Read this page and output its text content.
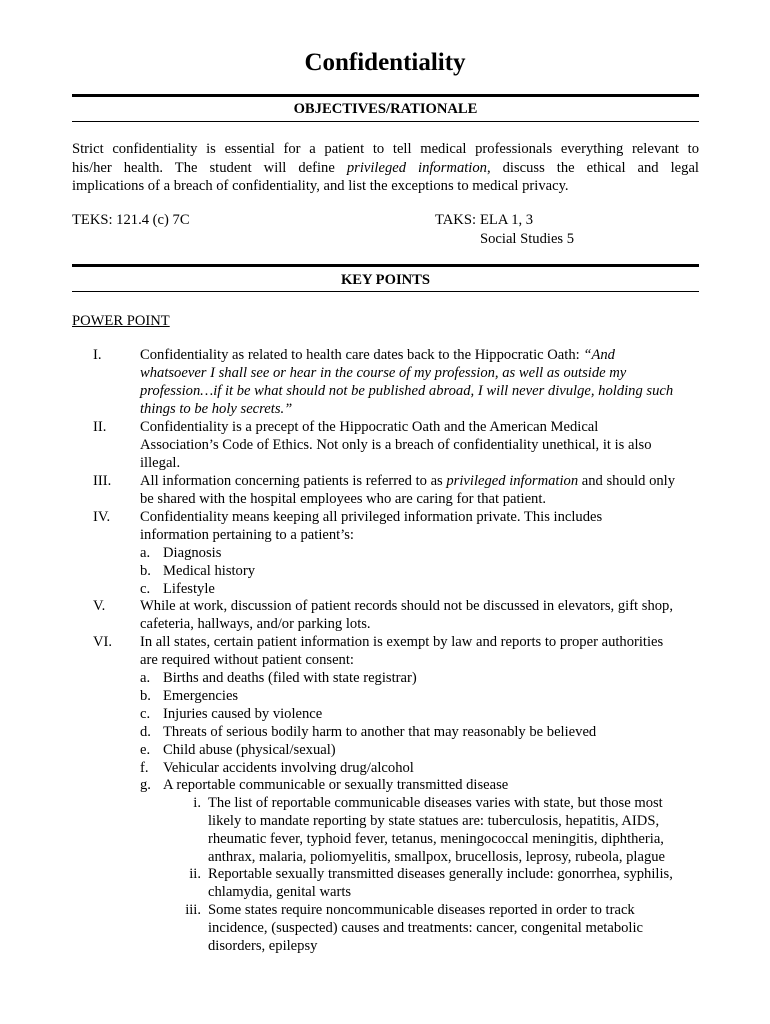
Confidentiality
OBJECTIVES/RATIONALE
Strict confidentiality is essential for a patient to tell medical professionals everything relevant to
his/her health. The student will define privileged information, discuss the ethical and legal
implications of a breach of confidentiality, and list the exceptions to medical privacy.
TEKS: 121.4 (c) 7C	TAKS: ELA 1, 3
Social Studies 5
KEY POINTS
POWER POINT
I.	Confidentiality as related to health care dates back to the Hippocratic Oath: “And
whatsoever I shall see or hear in the course of my profession, as well as outside my
profession…if it be what should not be published abroad, I will never divulge, holding such
things to be holy secrets.”
II. Confidentiality is a precept of the Hippocratic Oath and the American Medical
Association’s Code of Ethics. Not only is a breach of confidentiality unethical, it is also
illegal.
III. All information concerning patients is referred to as privileged information and should only
be shared with the hospital employees who are caring for that patient.
IV. Confidentiality means keeping all privileged information private. This includes
information pertaining to a patient’s:
a. Diagnosis
b. Medical history
c. Lifestyle
V. While at work, discussion of patient records should not be discussed in elevators, gift shop,
cafeteria, hallways, and/or parking lots.
VI. In all states, certain patient information is exempt by law and reports to proper authorities
are required without patient consent:
a. Births and deaths (filed with state registrar)
b. Emergencies
c. Injuries caused by violence
d. Threats of serious bodily harm to another that may reasonably be believed
e. Child abuse (physical/sexual)
f. Vehicular accidents involving drug/alcohol
g. A reportable communicable or sexually transmitted disease
i. The list of reportable communicable diseases varies with state, but those most
likely to mandate reporting by state statues are: tuberculosis, hepatitis, AIDS,
rheumatic fever, typhoid fever, tetanus, meningococcal meningitis, diphtheria,
anthrax, malaria, poliomyelitis, smallpox, brucellosis, leprosy, rubeola, plague
ii. Reportable sexually transmitted diseases generally include: gonorrhea, syphilis,
chlamydia, genital warts
iii. Some states require noncommunicable diseases reported in order to track
incidence, (suspected) causes and treatments: cancer, congenital metabolic
disorders, epilepsy
